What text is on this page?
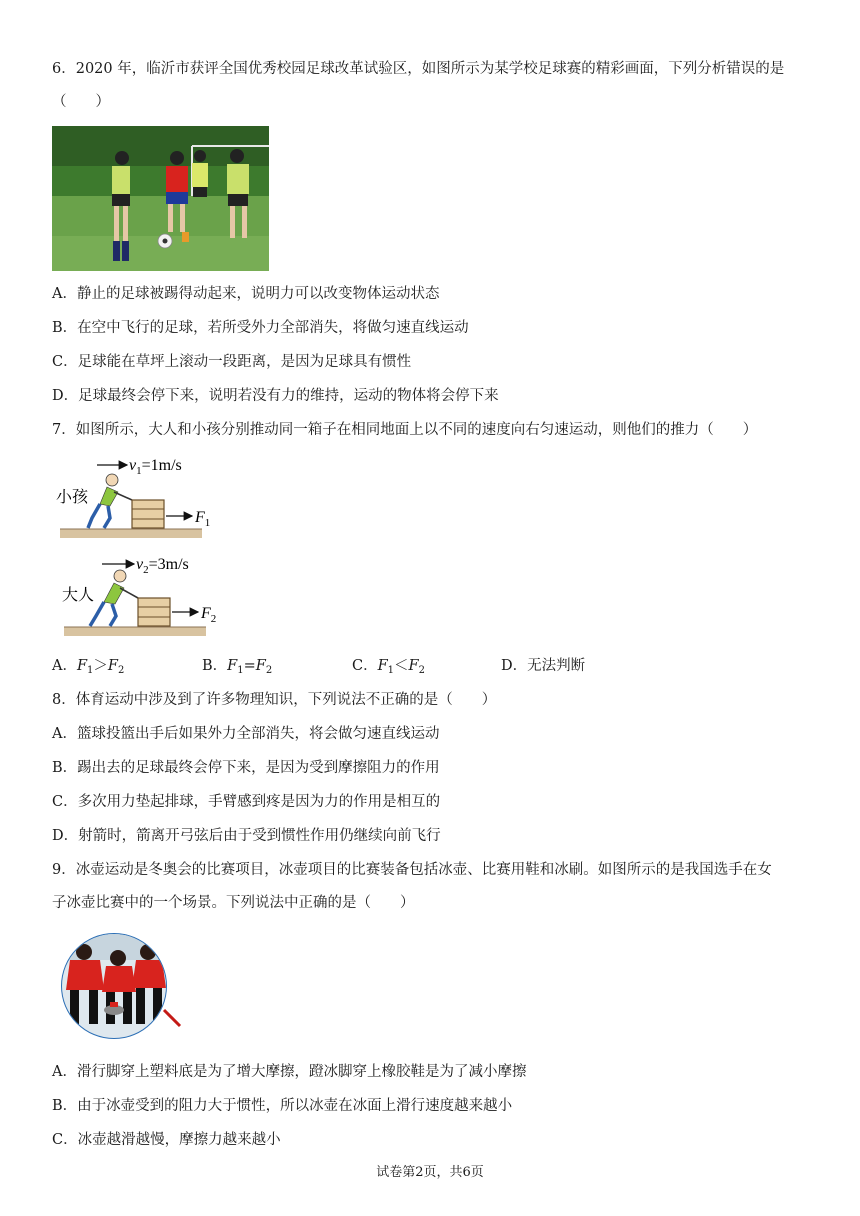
6．2020 年，临沂市获评全国优秀校园足球改革试验区，如图所示为某学校足球赛的精彩画面，下列分析错误的是
（　　）
A．静止的足球被踢得动起来，说明力可以改变物体运动状态
B．在空中飞行的足球，若所受外力全部消失，将做匀速直线运动
C．足球能在草坪上滚动一段距离，是因为足球具有惯性
D．足球最终会停下来，说明若没有力的维持，运动的物体将会停下来
7．如图所示，大人和小孩分别推动同一箱子在相同地面上以不同的速度向右匀速运动，则他们的推力（　　）
$v_1=1m/s$
小孩
$F_1$
$v_2=3m/s$
大人
$F_2$
A．$F_1>F_2$	B．$F_1=F_2$	C．$F_1<F_2$	D．无法判断
8．体育运动中涉及到了许多物理知识，下列说法不正确的是（　　）
A．篮球投篮出手后如果外力全部消失，将会做匀速直线运动
B．踢出去的足球最终会停下来，是因为受到摩擦阻力的作用
C．多次用力垫起排球，手臂感到疼是因为力的作用是相互的
D．射箭时，箭离开弓弦后由于受到惯性作用仍继续向前飞行
9．冰壶运动是冬奥会的比赛项目，冰壶项目的比赛装备包括冰壶、比赛用鞋和冰刷。如图所示的是我国选手在女
子冰壶比赛中的一个场景。下列说法中正确的是（　　）
A．滑行脚穿上塑料底是为了增大摩擦，蹬冰脚穿上橡胶鞋是为了减小摩擦
B．由于冰壶受到的阻力大于惯性，所以冰壶在冰面上滑行速度越来越小
C．冰壶越滑越慢，摩擦力越来越小
试卷第2页，共6页
